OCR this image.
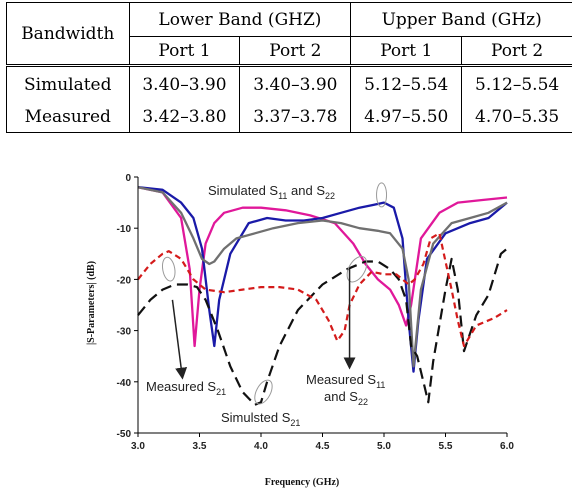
Bandwidth	Lower Band (GHZ)		Upper Band (GHz)	
	Port 1	Port 2	Port 1	Port 2
Simulated	3.40–3.90	3.40–3.90	5.12–5.54	5.12–5.54
Measured	3.42–3.80	3.37–3.78	4.97–5.50	4.70–5.35
3.0	3.5	4.0	4.5	5.0	5.5	6.0
0
-10
-20
-30
-40
-50
Frequency (GHz)
|S-Parameters| (dB)
Simulated $S_{11}$ and $S_{22}$
Measured $S_{21}$
Simulsted $S_{21}$
Measured $S_{11}$
and $S_{22}$
